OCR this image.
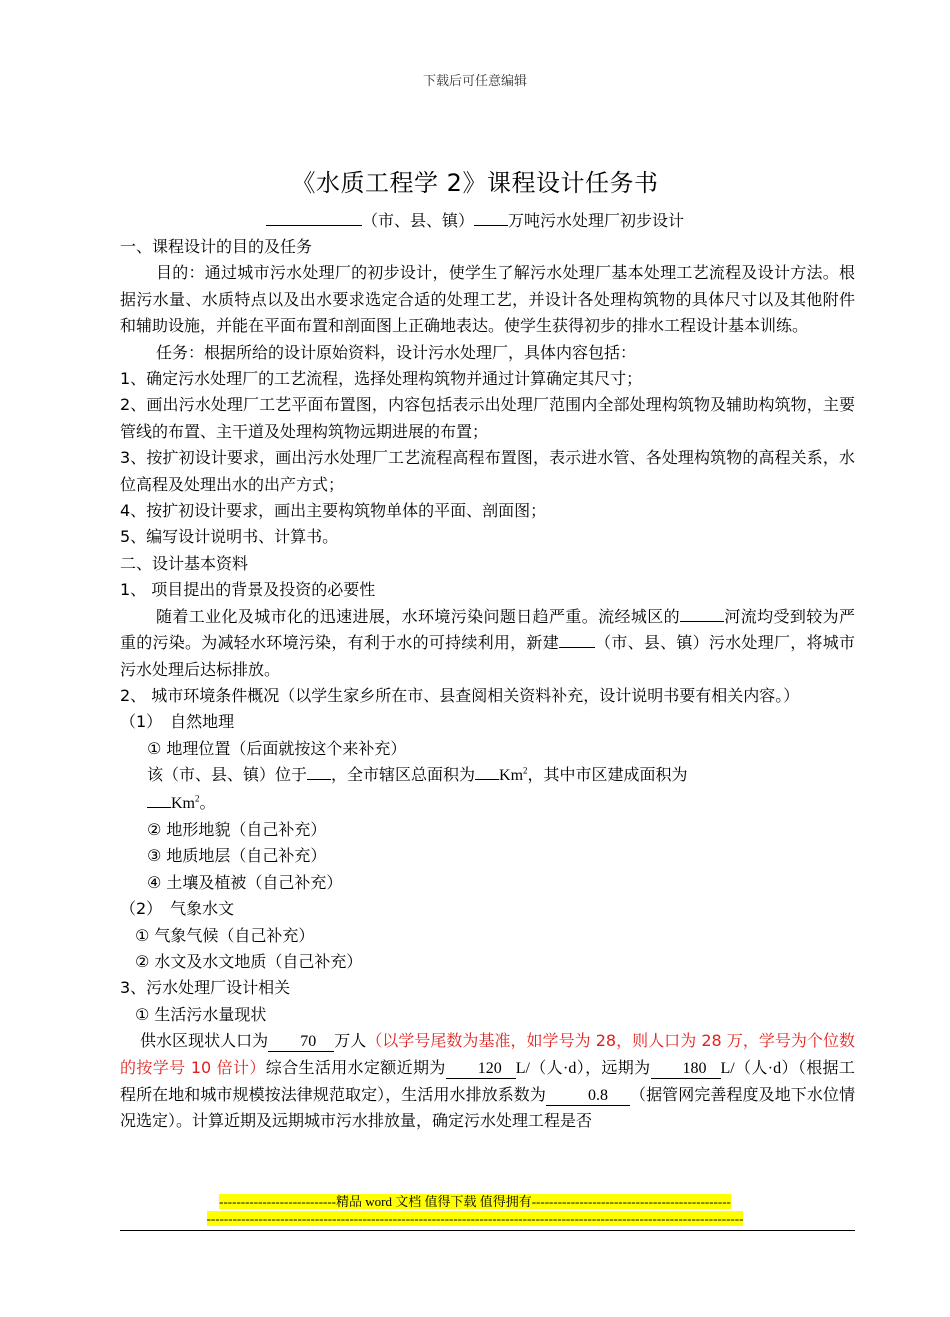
下载后可任意编辑
《水质工程学 2》课程设计任务书
（市、县、镇） 万吨污水处理厂初步设计

一、课程设计的目的及任务

目的：通过城市污水处理厂的初步设计，使学生了解污水处理厂基本处理工艺流程及设计方法。根据污水量、水质特点以及出水要求选定合适的处理工艺，并设计各处理构筑物的具体尺寸以及其他附件和辅助设施，并能在平面布置和剖面图上正确地表达。使学生获得初步的排水工程设计基本训练。

任务：根据所给的设计原始资料，设计污水处理厂，具体内容包括：

1、确定污水处理厂的工艺流程，选择处理构筑物并通过计算确定其尺寸；

2、画出污水处理厂工艺平面布置图，内容包括表示出处理厂范围内全部处理构筑物及辅助构筑物，主要管线的布置、主干道及处理构筑物远期进展的布置；

3、按扩初设计要求，画出污水处理厂工艺流程高程布置图，表示进水管、各处理构筑物的高程关系，水位高程及处理出水的出产方式；

4、按扩初设计要求，画出主要构筑物单体的平面、剖面图；

5、编写设计说明书、计算书。

二、设计基本资料

1、 项目提出的背景及投资的必要性

随着工业化及城市化的迅速进展，水环境污染问题日趋严重。流经城区的	河流均受到较为严重的污染。为减轻水环境污染，有利于水的可持续利用，新建 （市、县、镇）污水处理厂，将城市污水处理后达标排放。

2、 城市环境条件概况（以学生家乡所在市、县查阅相关资料补充，设计说明书要有相关内容。）

（1）　自然地理

① 地理位置（后面就按这个来补充）

该（市、县、镇）位于 ，全市辖区总面积为 Km$^2$，其中市区建成面积为
Km$^2$。

② 地形地貌（自己补充）

③ 地质地层（自己补充）

④ 土壤及植被（自己补充）

（2）　气象水文

① 气象气候（自己补充）

② 水文及水文地质（自己补充）

3、污水处理厂设计相关

① 生活污水量现状

供水区现状人口为 70 万人（以学号尾数为基准，如学号为 28，则人口为 28 万，学号为个位数的按学号 10 倍计）综合生活用水定额近期为 120 L/（人·d），远期为 180 L/（人·d）（根据工程所在地和城市规模按法律规范取定），生活用水排放系数为	0.8 （据管网完善程度及地下水位情况选定）。计算近期及远期城市污水排放量，确定污水处理工程是否

---------------------------精品 word 文档 值得下载 值得拥有----------------------------------------------
----------------------------------------------------------------------------------------------------------------------------
